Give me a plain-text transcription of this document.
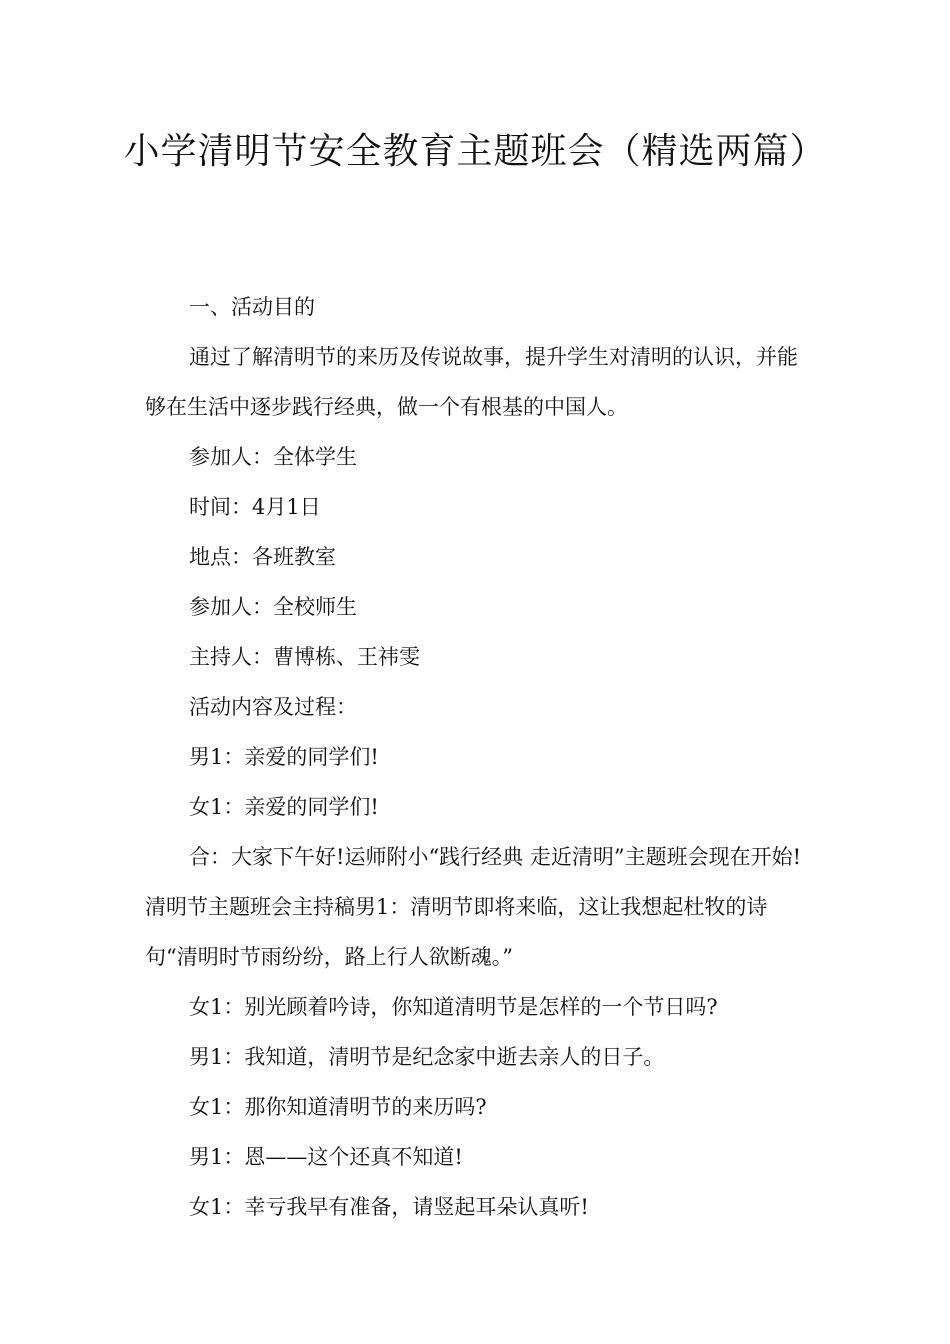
小学清明节安全教育主题班会（精选两篇）

一、活动目的

通过了解清明节的来历及传说故事，提升学生对清明的认识，并能够在生活中逐步践行经典，做一个有根基的中国人。

参加人：全体学生

时间：4月1日

地点：各班教室

参加人：全校师生

主持人：曹博栋、王祎雯

活动内容及过程：

男1：亲爱的同学们!

女1：亲爱的同学们!

合：大家下午好!运师附小“践行经典 走近清明”主题班会现在开始!清明节主题班会主持稿男1：清明节即将来临，这让我想起杜牧的诗句“清明时节雨纷纷，路上行人欲断魂。”

女1：别光顾着吟诗，你知道清明节是怎样的一个节日吗?

男1：我知道，清明节是纪念家中逝去亲人的日子。

女1：那你知道清明节的来历吗?

男1：恩——这个还真不知道!

女1：幸亏我早有准备，请竖起耳朵认真听!
